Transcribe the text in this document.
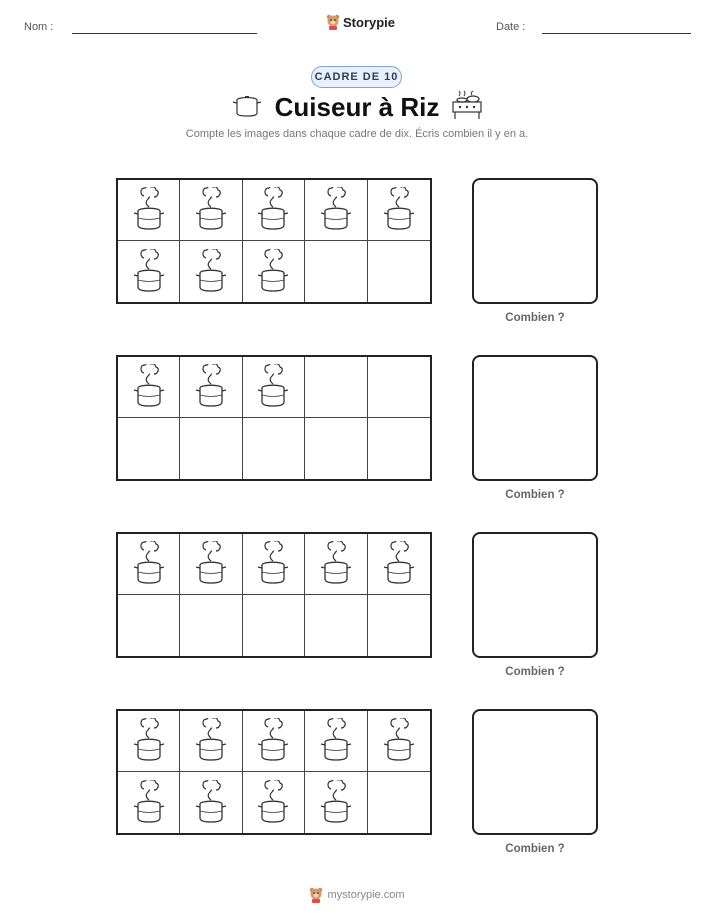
Nom :	Storypie	Date :
CADRE DE 10
Cuiseur à Riz
Compte les images dans chaque cadre de dix. Écris combien il y en a.
Combien ?
Combien ?
Combien ?
Combien ?
mystorypie.com
